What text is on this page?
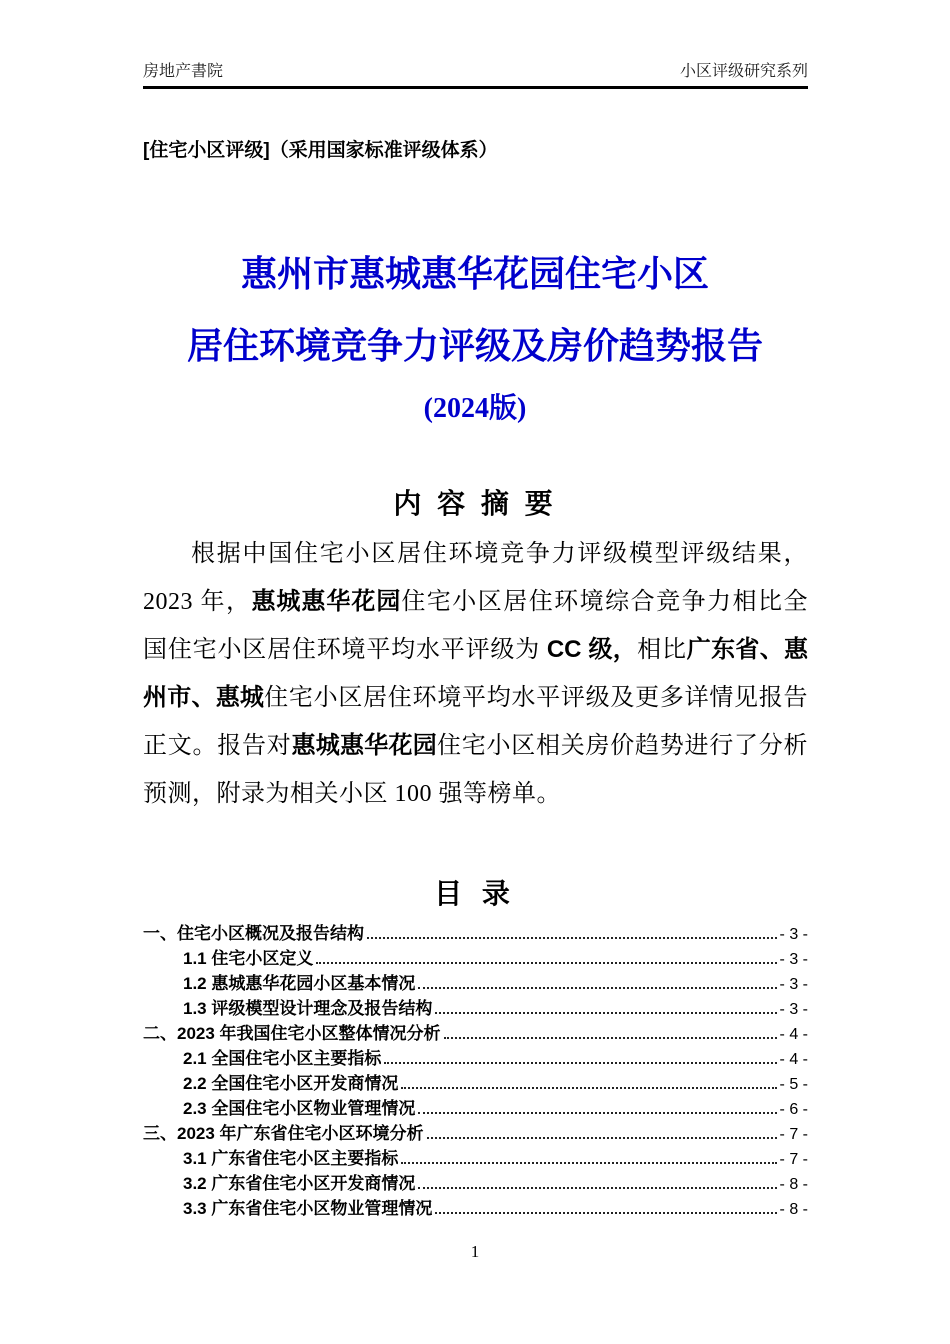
房地产書院	小区评级研究系列
[住宅小区评级]（采用国家标准评级体系）
惠州市惠城惠华花园住宅小区
居住环境竞争力评级及房价趋势报告
(2024版)
内 容 摘 要
根据中国住宅小区居住环境竞争力评级模型评级结果，2023 年，惠城惠华花园住宅小区居住环境综合竞争力相比全国住宅小区居住环境平均水平评级为 CC 级，相比广东省、惠州市、惠城住宅小区居住环境平均水平评级及更多详情见报告正文。报告对惠城惠华花园住宅小区相关房价趋势进行了分析预测，附录为相关小区 100 强等榜单。
目 录
一、住宅小区概况及报告结构	- 3 -
1.1 住宅小区定义	- 3 -
1.2 惠城惠华花园小区基本情况	- 3 -
1.3 评级模型设计理念及报告结构	- 3 -
二、2023 年我国住宅小区整体情况分析	- 4 -
2.1 全国住宅小区主要指标	- 4 -
2.2 全国住宅小区开发商情况	- 5 -
2.3 全国住宅小区物业管理情况	- 6 -
三、2023 年广东省住宅小区环境分析	- 7 -
3.1 广东省住宅小区主要指标	- 7 -
3.2 广东省住宅小区开发商情况	- 8 -
3.3 广东省住宅小区物业管理情况	- 8 -
1
